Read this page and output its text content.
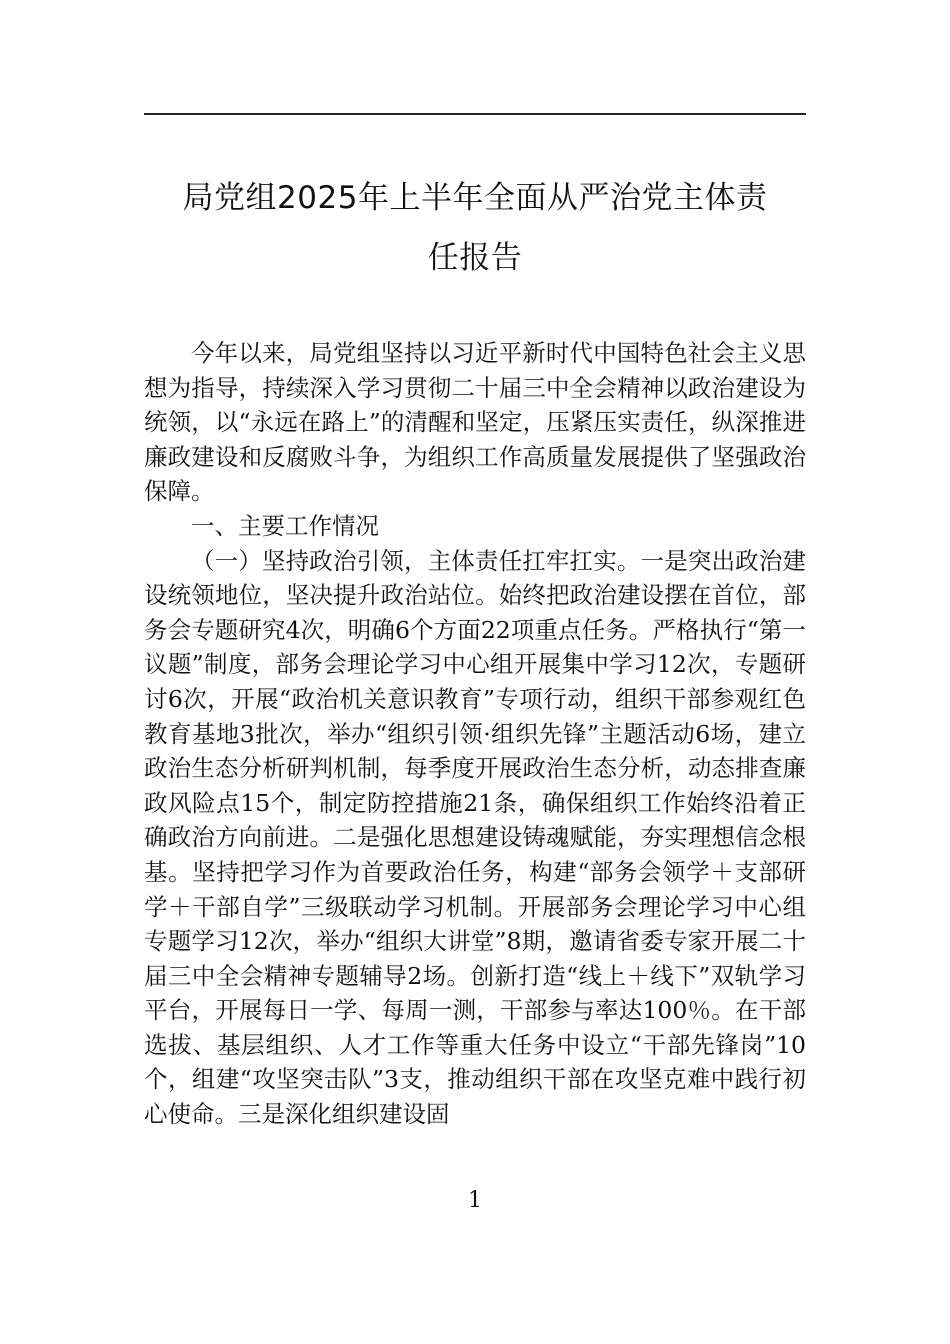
局党组2025年上半年全面从严治党主体责
任报告

今年以来，局党组坚持以习近平新时代中国特色社会主义思想为指导，持续深入学习贯彻二十届三中全会精神以政治建设为统领，以“永远在路上”的清醒和坚定，压紧压实责任，纵深推进廉政建设和反腐败斗争，为组织工作高质量发展提供了坚强政治保障。

一、主要工作情况

（一）坚持政治引领，主体责任扛牢扛实。一是突出政治建设统领地位，坚决提升政治站位。始终把政治建设摆在首位，部务会专题研究4次，明确6个方面22项重点任务。严格执行“第一议题”制度，部务会理论学习中心组开展集中学习12次，专题研讨6次，开展“政治机关意识教育”专项行动，组织干部参观红色教育基地3批次，举办“组织引领·组织先锋”主题活动6场，建立政治生态分析研判机制，每季度开展政治生态分析，动态排查廉政风险点15个，制定防控措施21条，确保组织工作始终沿着正确政治方向前进。二是强化思想建设铸魂赋能，夯实理想信念根基。坚持把学习作为首要政治任务，构建“部务会领学＋支部研学＋干部自学”三级联动学习机制。开展部务会理论学习中心组专题学习12次，举办“组织大讲堂”8期，邀请省委专家开展二十届三中全会精神专题辅导2场。创新打造“线上＋线下”双轨学习平台，开展每日一学、每周一测，干部参与率达100％。在干部选拔、基层组织、人才工作等重大任务中设立“干部先锋岗”10个，组建“攻坚突击队”3支，推动组织干部在攻坚克难中践行初心使命。三是深化组织建设固

1
